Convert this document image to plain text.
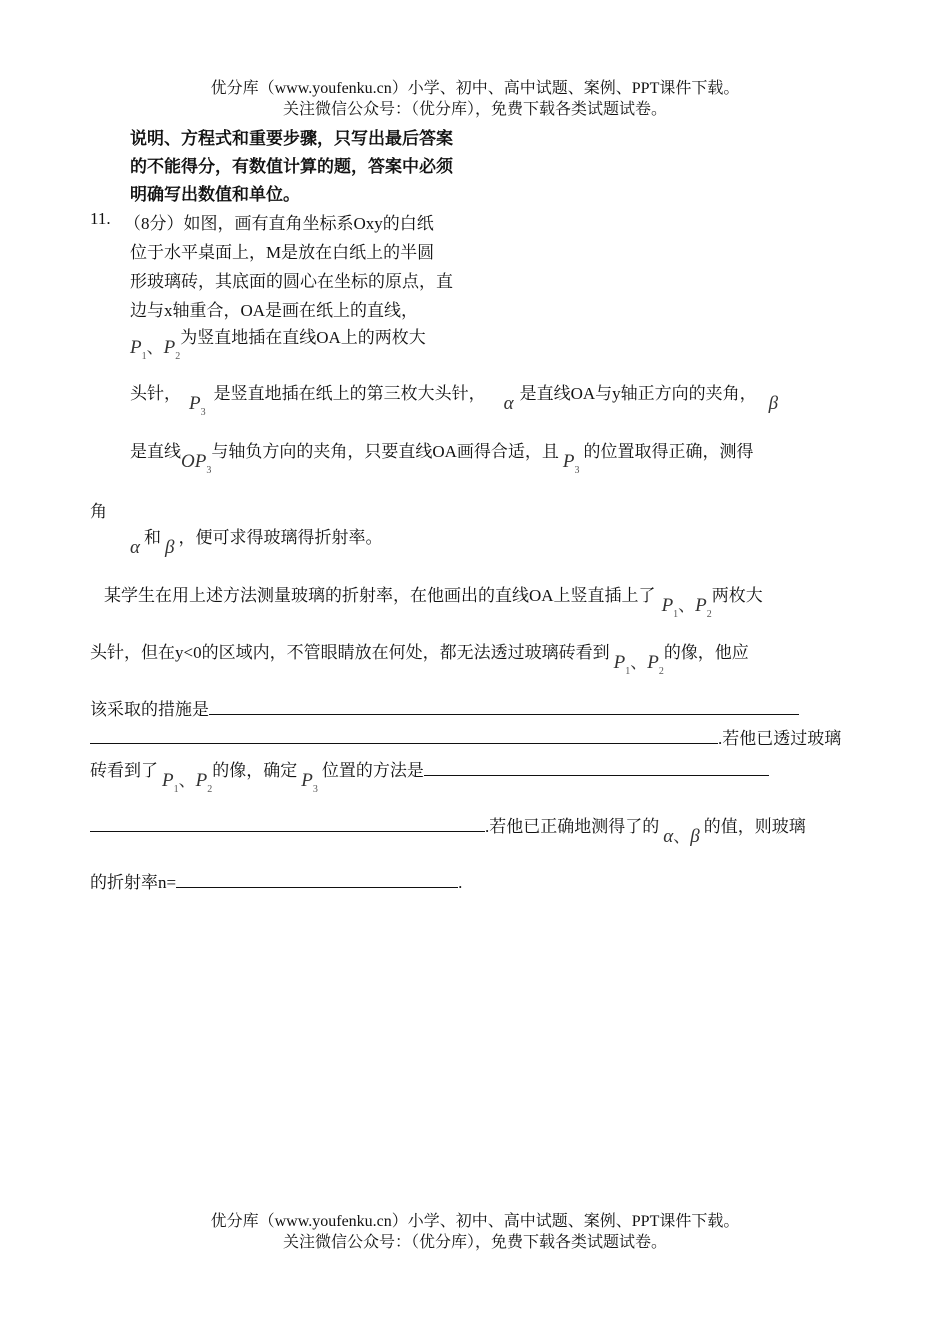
优分库（www.youfenku.cn）小学、初中、高中试题、案例、PPT课件下载。
关注微信公众号：（优分库），免费下载各类试题试卷。
说明、方程式和重要步骤，只写出最后答案
的不能得分，有数值计算的题，答案中必须
明确写出数值和单位。
11. （8分）如图，画有直角坐标系Oxy的白纸
位于水平桌面上，M是放在白纸上的半圆
形玻璃砖，其底面的圆心在坐标的原点，直
边与x轴重合，OA是画在纸上的直线，
$P_1$、$P_2$为竖直地插在直线OA上的两枚大
头针， $P_3$是竖直地插在纸上的第三枚大头针， α 是直线OA与y轴正方向的夹角， β
是直线$OP_3$与轴负方向的夹角，只要直线OA画得合适，且 $P_3$的位置取得正确，测得
角
α 和 β ，便可求得玻璃得折射率。
某学生在用上述方法测量玻璃的折射率，在他画出的直线OA上竖直插上了 $P_1$、$P_2$两枚大
头针，但在y<0的区域内，不管眼睛放在何处，都无法透过玻璃砖看到 $P_1$、$P_2$的像，他应
该采取的措施是
.若他已透过玻璃
砖看到了 $P_1$、$P_2$的像，确定 $P_3$位置的方法是
.若他已正确地测得了的 α、β 的值，则玻璃
的折射率n=	.
优分库（www.youfenku.cn）小学、初中、高中试题、案例、PPT课件下载。
关注微信公众号：（优分库），免费下载各类试题试卷。
